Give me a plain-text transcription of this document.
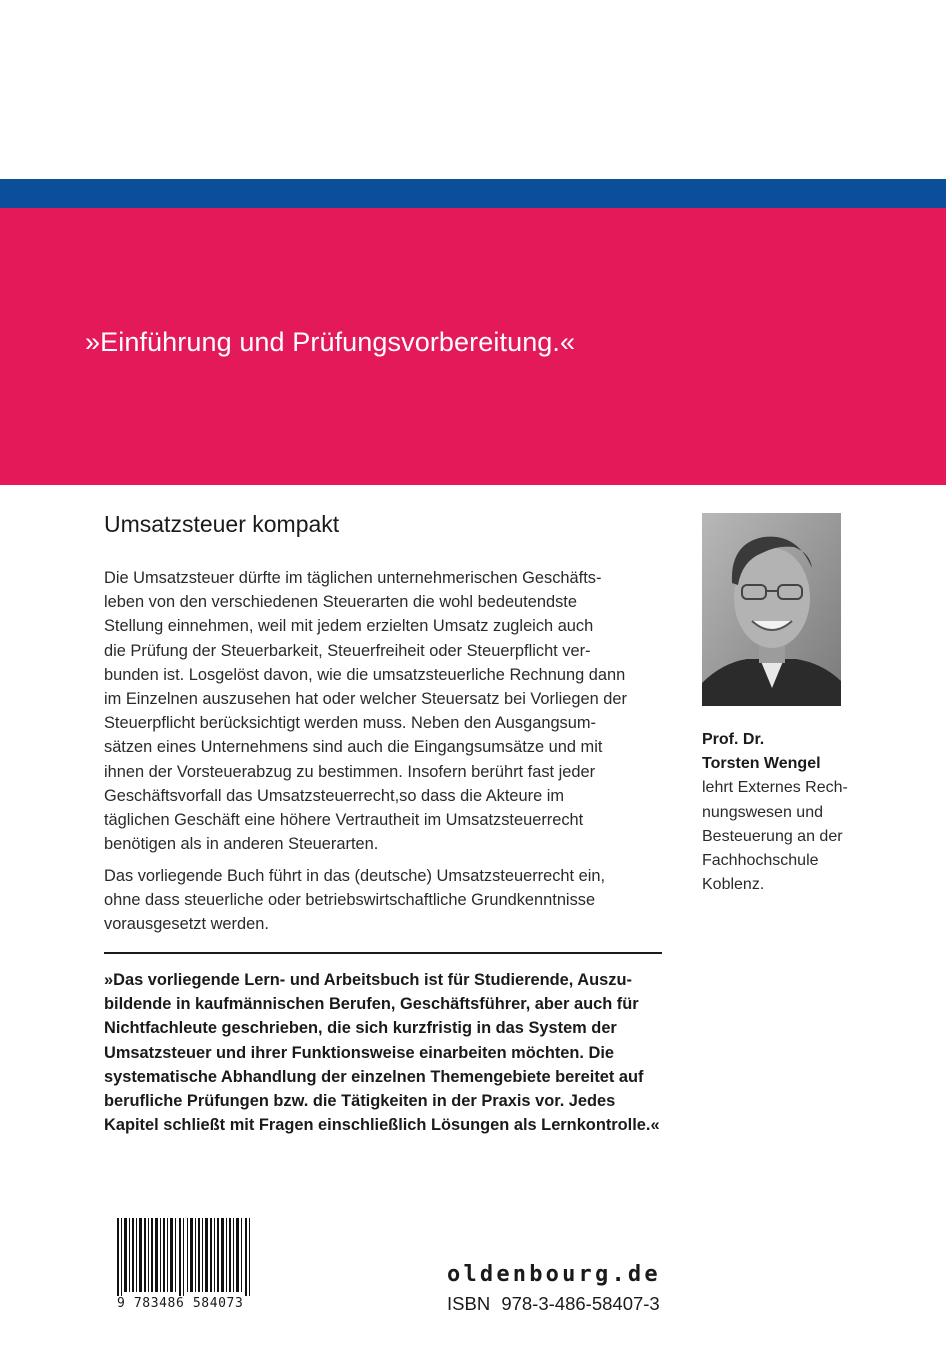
»Einführung und Prüfungsvorbereitung.«
Umsatzsteuer kompakt
Die Umsatzsteuer dürfte im täglichen unternehmerischen Geschäfts-
leben von den verschiedenen Steuerarten die wohl bedeutendste
Stellung einnehmen, weil mit jedem erzielten Umsatz zugleich auch
die Prüfung der Steuerbarkeit, Steuerfreiheit oder Steuerpflicht ver-
bunden ist. Losgelöst davon, wie die umsatzsteuerliche Rechnung dann
im Einzelnen auszusehen hat oder welcher Steuersatz bei Vorliegen der
Steuerpflicht berücksichtigt werden muss. Neben den Ausgangsum-
sätzen eines Unternehmens sind auch die Eingangsumsätze und mit
ihnen der Vorsteuerabzug zu bestimmen. Insofern berührt fast jeder
Geschäftsvorfall das Umsatzsteuerrecht,so dass die Akteure im
täglichen Geschäft eine höhere Vertrautheit im Umsatzsteuerrecht
benötigen als in anderen Steuerarten.
Das vorliegende Buch führt in das (deutsche) Umsatzsteuerrecht ein,
ohne dass steuerliche oder betriebswirtschaftliche Grundkenntnisse
vorausgesetzt werden.
»Das vorliegende Lern- und Arbeitsbuch ist für Studierende, Auszu-
bildende in kaufmännischen Berufen, Geschäftsführer, aber auch für
Nichtfachleute geschrieben, die sich kurzfristig in das System der
Umsatzsteuer und ihrer Funktionsweise einarbeiten möchten. Die
systematische Abhandlung der einzelnen Themengebiete bereitet auf
berufliche Prüfungen bzw. die Tätigkeiten in der Praxis vor. Jedes
Kapitel schließt mit Fragen einschließlich Lösungen als Lernkontrolle.«
Prof. Dr.
Torsten Wengel
lehrt Externes Rech-
nungswesen und
Besteuerung an der
Fachhochschule
Koblenz.
9 783486 584073
oldenbourg.de
ISBN 978-3-486-58407-3
